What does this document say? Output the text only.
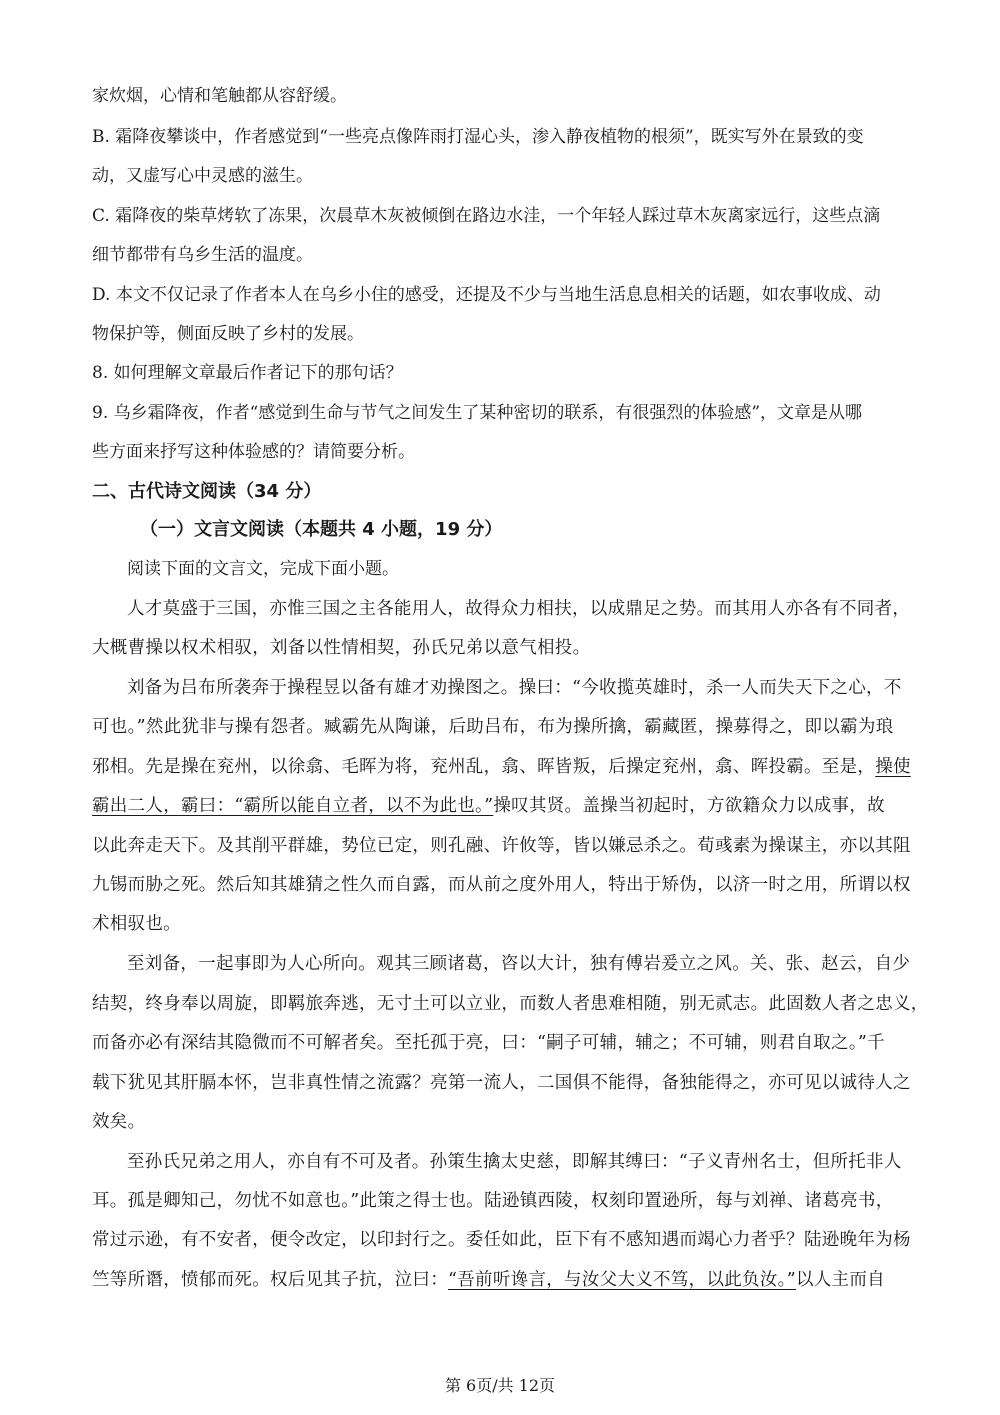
家炊烟，心情和笔触都从容舒缓。
B. 霜降夜攀谈中，作者感觉到“一些亮点像阵雨打湿心头，渗入静夜植物的根须”，既实写外在景致的变
动，又虚写心中灵感的滋生。
C. 霜降夜的柴草烤软了冻果，次晨草木灰被倾倒在路边水洼，一个年轻人踩过草木灰离家远行，这些点滴
细节都带有乌乡生活的温度。
D. 本文不仅记录了作者本人在乌乡小住的感受，还提及不少与当地生活息息相关的话题，如农事收成、动
物保护等，侧面反映了乡村的发展。
8. 如何理解文章最后作者记下的那句话？
9. 乌乡霜降夜，作者“感觉到生命与节气之间发生了某种密切的联系，有很强烈的体验感”，文章是从哪
些方面来抒写这种体验感的？请简要分析。
二、古代诗文阅读（34 分）
（一）文言文阅读（本题共 4 小题，19 分）
阅读下面的文言文，完成下面小题。
人才莫盛于三国，亦惟三国之主各能用人，故得众力相扶，以成鼎足之势。而其用人亦各有不同者，
大概曹操以权术相驭，刘备以性情相契，孙氏兄弟以意气相投。
刘备为吕布所袭奔于操程昱以备有雄才劝操图之。操曰：“今收揽英雄时，杀一人而失天下之心，不
可也。”然此犹非与操有怨者。臧霸先从陶谦，后助吕布，布为操所擒，霸藏匿，操募得之，即以霸为琅
邪相。先是操在兖州，以徐翕、毛晖为将，兖州乱，翕、晖皆叛，后操定兖州，翕、晖投霸。至是，操使
霸出二人，霸曰：“霸所以能自立者，以不为此也。”操叹其贤。盖操当初起时，方欲籍众力以成事，故
以此奔走天下。及其削平群雄，势位已定，则孔融、许攸等，皆以嫌忌杀之。荀彧素为操谋主，亦以其阻
九锡而胁之死。然后知其雄猜之性久而自露，而从前之度外用人，特出于矫伪，以济一时之用，所谓以权
术相驭也。
至刘备，一起事即为人心所向。观其三顾诸葛，咨以大计，独有傅岩爰立之风。关、张、赵云，自少
结契，终身奉以周旋，即羁旅奔逃，无寸土可以立业，而数人者患难相随，别无贰志。此固数人者之忠义，
而备亦必有深结其隐微而不可解者矣。至托孤于亮，曰：“嗣子可辅，辅之；不可辅，则君自取之。”千
载下犹见其肝膈本怀，岂非真性情之流露？亮第一流人，二国俱不能得，备独能得之，亦可见以诚待人之
效矣。
至孙氏兄弟之用人，亦自有不可及者。孙策生擒太史慈，即解其缚曰：“子义青州名士，但所托非人
耳。孤是卿知己，勿忧不如意也。”此策之得士也。陆逊镇西陵，权刻印置逊所，每与刘禅、诸葛亮书，
常过示逊，有不安者，便令改定，以印封行之。委任如此，臣下有不感知遇而竭心力者乎？陆逊晚年为杨
竺等所谮，愤郁而死。权后见其子抗，泣曰：“吾前听谗言，与汝父大义不笃，以此负汝。”以人主而自
第 6页/共 12页
